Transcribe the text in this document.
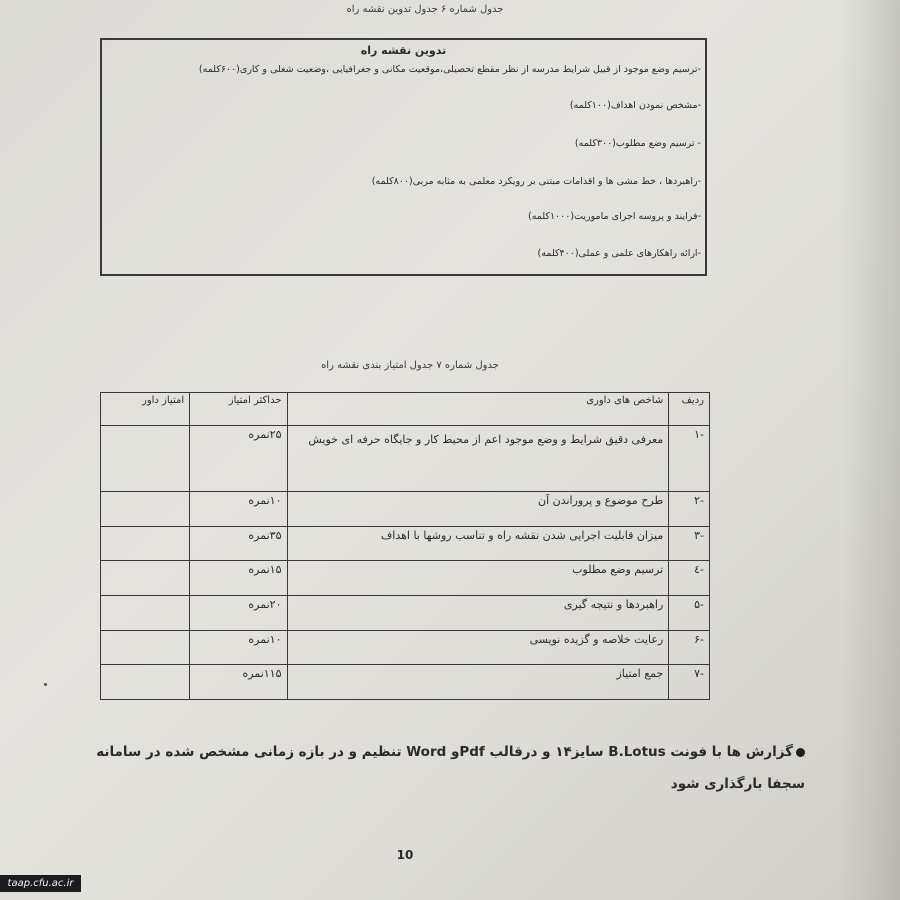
جدول شماره ۶ جدول تدوین نقشه راه
تدوین نقشه راه
-ترسیم وضع موجود از قبیل شرایط مدرسه از نظر مقطع تحصیلی،موقعیت مکانی و جغرافیایی ،وضعیت شغلی و کاری(۶۰۰کلمه)
-مشخص نمودن اهداف(۱۰۰کلمه)
- ترسیم وضع مطلوب(۳۰۰کلمه)
-راهبردها ، خط مشی ها و اقدامات مبتنی بر رویکرد معلمی به مثابه مربی(۸۰۰کلمه)
-فرایند و پروسه اجرای ماموریت(۱۰۰۰کلمه)
-ارائه راهکارهای علمی و عملی(۴۰۰کلمه)
جدول شماره ۷ جدول امتیاز بندی نقشه راه
ردیف	شاخص های داوری	حداکثر امتیاز	امتیاز داور
-۱	معرفی دقیق شرایط و وضع موجود اعم از محیط کار و جایگاه حرفه ای خویش	۲۵نمره	
-۲	طرح موضوع و پروراندن آن	۱۰نمره	
-۳	میزان قابلیت اجرایی شدن نقشه راه و تناسب روشها با اهداف	۳۵نمره	
-٤	ترسیم وضع مطلوب	۱۵نمره	
-۵	راهبردها و نتیجه گیری	۲۰نمره	
-۶	رعایت خلاصه و گزیده نویسی	۱۰نمره	
-۷	جمع امتیاز	۱۱۵نمره	
گزارش ها با فونت B.Lotus سایز۱۴ و درقالب Pdfو Word تنظیم و در بازه زمانی مشخص شده در سامانه سجفا بارگذاری شود
10
taap.cfu.ac.ir
